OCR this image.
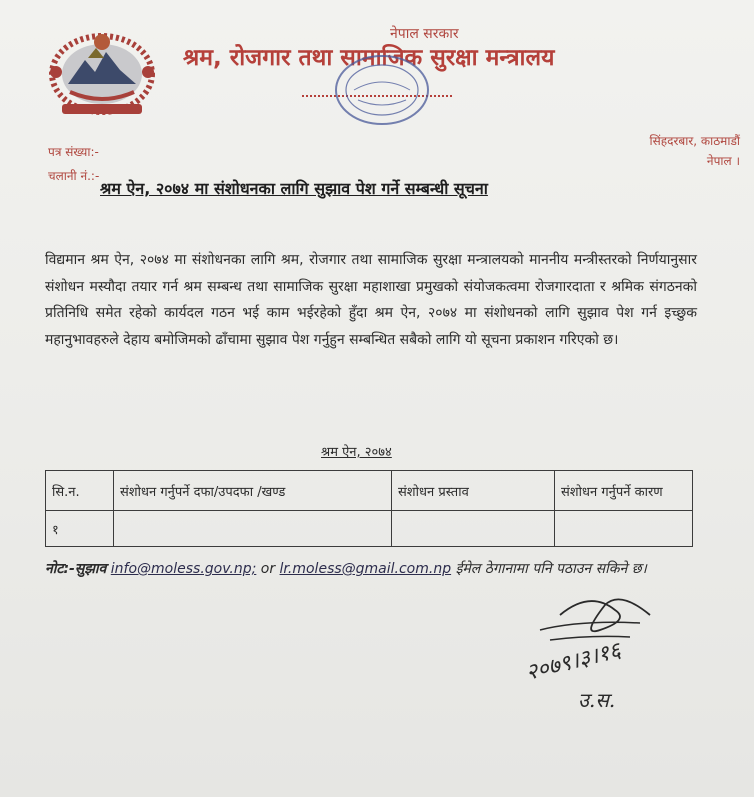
नेपाल सरकार
श्रम, रोजगार तथा सामाजिक सुरक्षा मन्त्रालय
पत्र संख्या:-
चलानी नं.:-
सिंहदरबार, काठमाडौं
नेपाल ।
श्रम ऐन, २०७४ मा संशोधनका लागि सुझाव पेश गर्ने सम्बन्धी सूचना
विद्यमान श्रम ऐन, २०७४ मा संशोधनका लागि श्रम, रोजगार तथा सामाजिक सुरक्षा मन्त्रालयको माननीय मन्त्रीस्तरको निर्णयानुसार संशोधन मस्यौदा तयार गर्न श्रम सम्बन्ध तथा सामाजिक सुरक्षा महाशाखा प्रमुखको संयोजकत्वमा रोजगारदाता र श्रमिक संगठनको प्रतिनिधि समेत रहेको कार्यदल गठन भई काम भईरहेको हुँदा श्रम ऐन, २०७४ मा संशोधनको लागि सुझाव पेश गर्न इच्छुक महानुभावहरुले देहाय बमोजिमको ढाँचामा सुझाव पेश गर्नुहुन सम्बन्धित सबैको लागि यो सूचना प्रकाशन गरिएको छ।
श्रम ऐन, २०७४
सि.न.	संशोधन गर्नुपर्ने दफा/उपदफा /खण्ड	संशोधन प्रस्ताव	संशोधन गर्नुपर्ने कारण
१			
नोट:-सुझाव info@moless.gov.np; or lr.moless@gmail.com.np ईमेल ठेगानामा पनि पठाउन सकिने छ।
२०७९।३।१६
उ.स.
